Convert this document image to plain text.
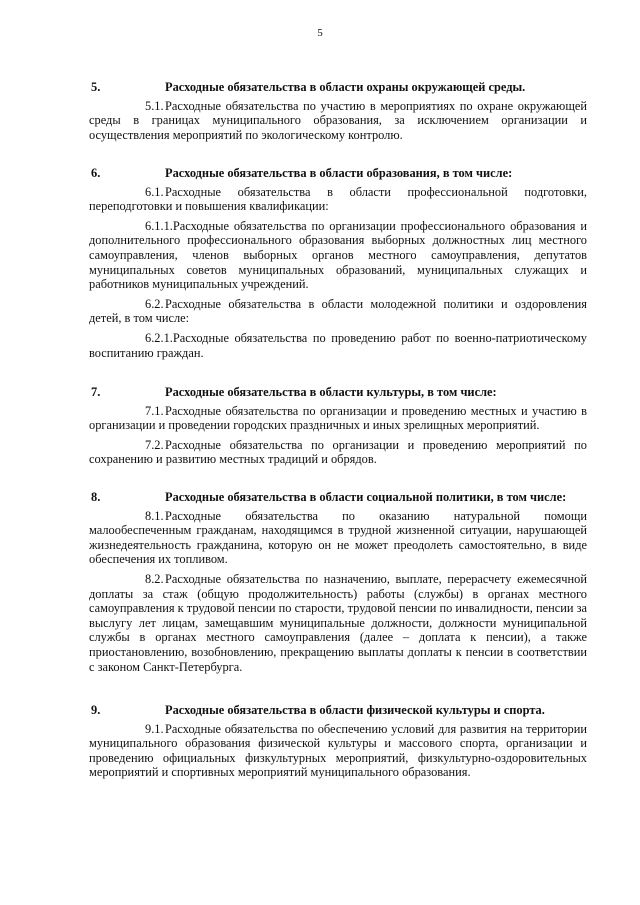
5
5.	Расходные обязательства в области охраны окружающей среды.

5.1.Расходные обязательства по участию в мероприятиях по охране окружающей среды в границах муниципального образования, за исключением организации и осуществления мероприятий по экологическому контролю.

6.	Расходные обязательства в области образования, в том числе:

6.1.Расходные обязательства в области профессиональной подготовки, переподготовки и повышения квалификации:

6.1.1.Расходные обязательства по организации профессионального образования и дополнительного профессионального образования выборных должностных лиц местного самоуправления, членов выборных органов местного самоуправления, депутатов муниципальных советов муниципальных образований, муниципальных служащих и работников муниципальных учреждений.

6.2.Расходные обязательства в области молодежной политики и оздоровления детей, в том числе:

6.2.1.Расходные обязательства по проведению работ по военно-патриотическому воспитанию граждан.

7.	Расходные обязательства в области культуры, в том числе:

7.1.Расходные обязательства по организации и проведению местных и участию в организации и проведении городских праздничных и иных зрелищных мероприятий.

7.2.Расходные обязательства по организации и проведению мероприятий по сохранению и развитию местных традиций и обрядов.

8.	Расходные обязательства в области социальной политики, в том числе:

8.1.Расходные обязательства по оказанию натуральной помощи малообеспеченным гражданам, находящимся в трудной жизненной ситуации, нарушающей жизнедеятельность гражданина, которую он не может преодолеть самостоятельно, в виде обеспечения их топливом.

8.2.Расходные обязательства по назначению, выплате, перерасчету ежемесячной доплаты за стаж (общую продолжительность) работы (службы) в органах местного самоуправления к трудовой пенсии по старости, трудовой пенсии по инвалидности, пенсии за выслугу лет лицам, замещавшим муниципальные должности, должности муниципальной службы в органах местного самоуправления (далее – доплата к пенсии), а также приостановлению, возобновлению, прекращению выплаты доплаты к пенсии в соответствии с законом Санкт-Петербурга.

9.	Расходные обязательства в области физической культуры и спорта.

9.1.Расходные обязательства по обеспечению условий для развития на территории муниципального образования физической культуры и массового спорта, организации и проведению официальных физкультурных мероприятий, физкультурно-оздоровительных мероприятий и спортивных мероприятий муниципального образования.
